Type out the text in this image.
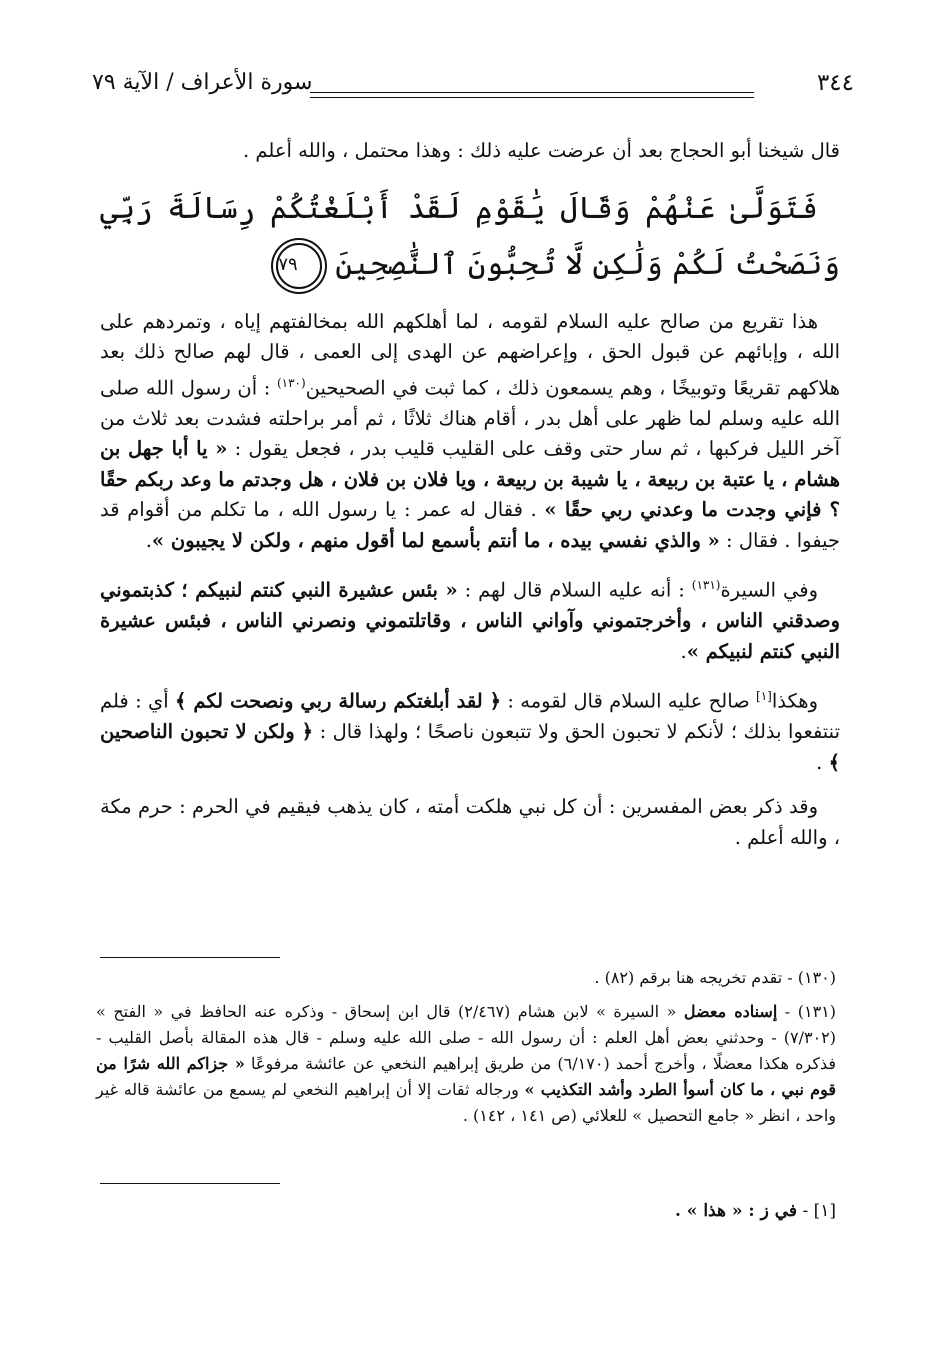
٣٤٤
سورة الأعراف / الآية ٧٩

قال شيخنا أبو الحجاج بعد أن عرضت عليه ذلك : وهذا محتمل ، والله أعلم .

فَتَوَلَّىٰ عَنْهُمْ وَقَالَ يَٰقَوْمِ لَقَدْ أَبْلَغْتُكُمْ رِسَالَةَ رَبِّي وَنَصَحْتُ لَكُمْ وَلَٰكِن لَّا تُحِبُّونَ ٱلنَّٰصِحِينَ ٧٩

هذا تقريع من صالح عليه السلام لقومه ، لما أهلكهم الله بمخالفتهم إياه ، وتمردهم على الله ، وإبائهم عن قبول الحق ، وإعراضهم عن الهدى إلى العمى ، قال لهم صالح ذلك بعد هلاكهم تقريعًا وتوبيخًا ، وهم يسمعون ذلك ، كما ثبت في الصحيحين$^{(١٣٠)}$ : أن رسول الله صلى الله عليه وسلم لما ظهر على أهل بدر ، أقام هناك ثلاثًا ، ثم أمر براحلته فشدت بعد ثلاث من آخر الليل فركبها ، ثم سار حتى وقف على القليب قليب بدر ، فجعل يقول : « يا أبا جهل بن هشام ، يا عتبة بن ربيعة ، يا شيبة بن ربيعة ، ويا فلان بن فلان ، هل وجدتم ما وعد ربكم حقًا ؟ فإني وجدت ما وعدني ربي حقًا » . فقال له عمر : يا رسول الله ، ما تكلم من أقوام قد جيفوا . فقال : « والذي نفسي بيده ، ما أنتم بأسمع لما أقول منهم ، ولكن لا يجيبون ».

وفي السيرة$^{(١٣١)}$ : أنه عليه السلام قال لهم : « بئس عشيرة النبي كنتم لنبيكم ؛ كذبتموني وصدقني الناس ، وأخرجتموني وآواني الناس ، وقاتلتموني ونصرني الناس ، فبئس عشيرة النبي كنتم لنبيكم ».

وهكذا[١] صالح عليه السلام قال لقومه : ﴿ لقد أبلغتكم رسالة ربي ونصحت لكم ﴾ أي : فلم تنتفعوا بذلك ؛ لأنكم لا تحبون الحق ولا تتبعون ناصحًا ؛ ولهذا قال : ﴿ ولكن لا تحبون الناصحين ﴾ .

وقد ذكر بعض المفسرين : أن كل نبي هلكت أمته ، كان يذهب فيقيم في الحرم : حرم مكة ، والله أعلم .

(١٣٠) - تقدم تخريجه هنا برقم (٨٢) .

(١٣١) - إسناده معضل « السيرة » لابن هشام (٢/٤٦٧) قال ابن إسحاق - وذكره عنه الحافظ في « الفتح » (٧/٣٠٢) - وحدثني بعض أهل العلم : أن رسول الله - صلى الله عليه وسلم - قال هذه المقالة بأصل القليب - فذكره هكذا معضلًا ، وأخرج أحمد (٦/١٧٠) من طريق إبراهيم النخعي عن عائشة مرفوعًا « جزاكم الله شرًا من قوم نبي ، ما كان أسوأ الطرد وأشد التكذيب » ورجاله ثقات إلا أن إبراهيم النخعي لم يسمع من عائشة قاله غير واحد ، انظر « جامع التحصيل » للعلائي (ص ١٤١ ، ١٤٢) .

[١] - في ز : « هذا » .
